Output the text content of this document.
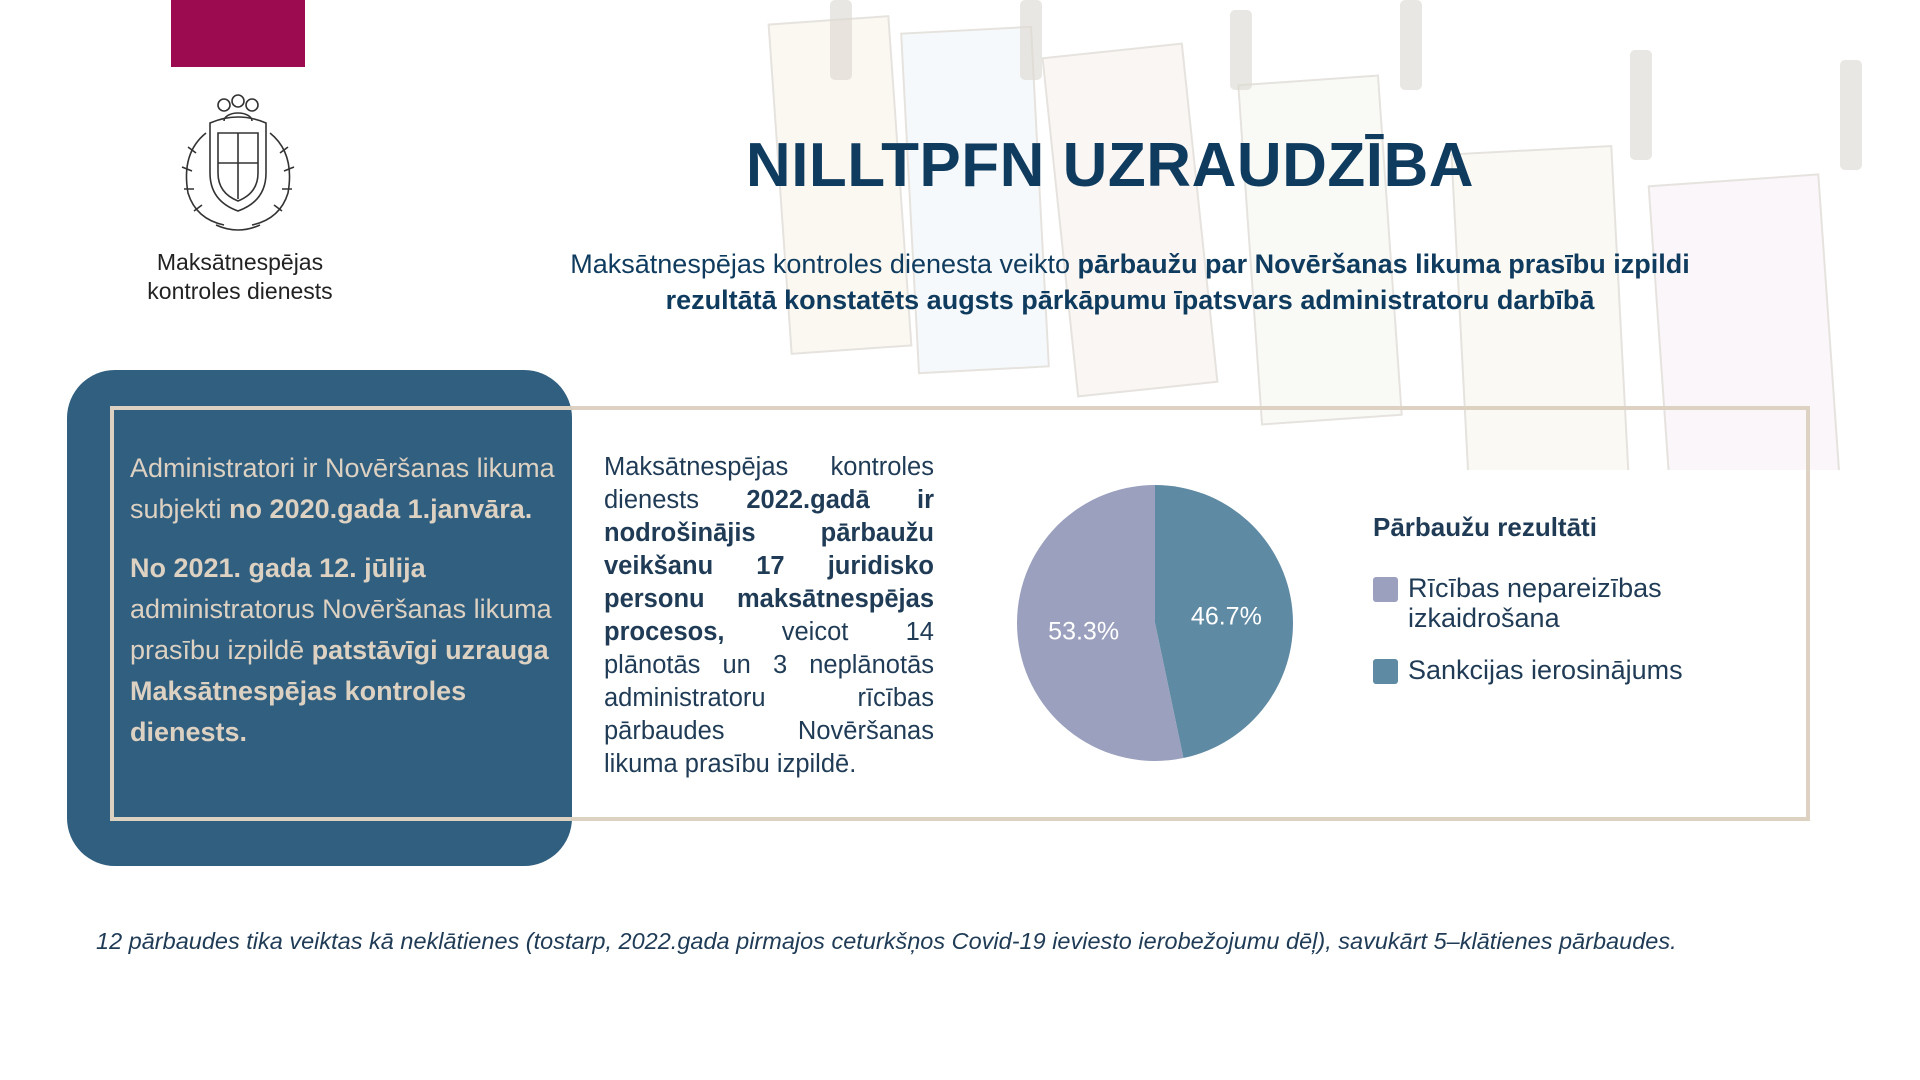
Maksātnespējas
kontroles dienests
NILLTPFN UZRAUDZĪBA
Maksātnespējas kontroles dienesta veikto pārbaužu par Novēršanas likuma prasību izpildi
rezultātā konstatēts augsts pārkāpumu īpatsvars administratoru darbībā

Administratori ir Novēršanas likuma subjekti no 2020.gada 1.janvāra.

No 2021. gada 12. jūlija administratorus Novēršanas likuma prasību izpildē patstāvīgi uzrauga Maksātnespējas kontroles dienests.

Maksātnespējas kontroles dienests 2022.gadā ir nodrošinājis pārbaužu veikšanu 17 juridisko personu maksātnespējas procesos, veicot 14 plānotās un 3 neplānotās administratoru rīcības pārbaudes Novēršanas likuma prasību izpildē.
46.7%
53.3%
Pārbaužu rezultāti
Rīcības nepareizības izkaidrošana
Sankcijas ierosinājums
12 pārbaudes tika veiktas kā neklātienes (tostarp, 2022.gada pirmajos ceturkšņos Covid-19 ieviesto ierobežojumu dēļ), savukārt 5–klātienes pārbaudes.
